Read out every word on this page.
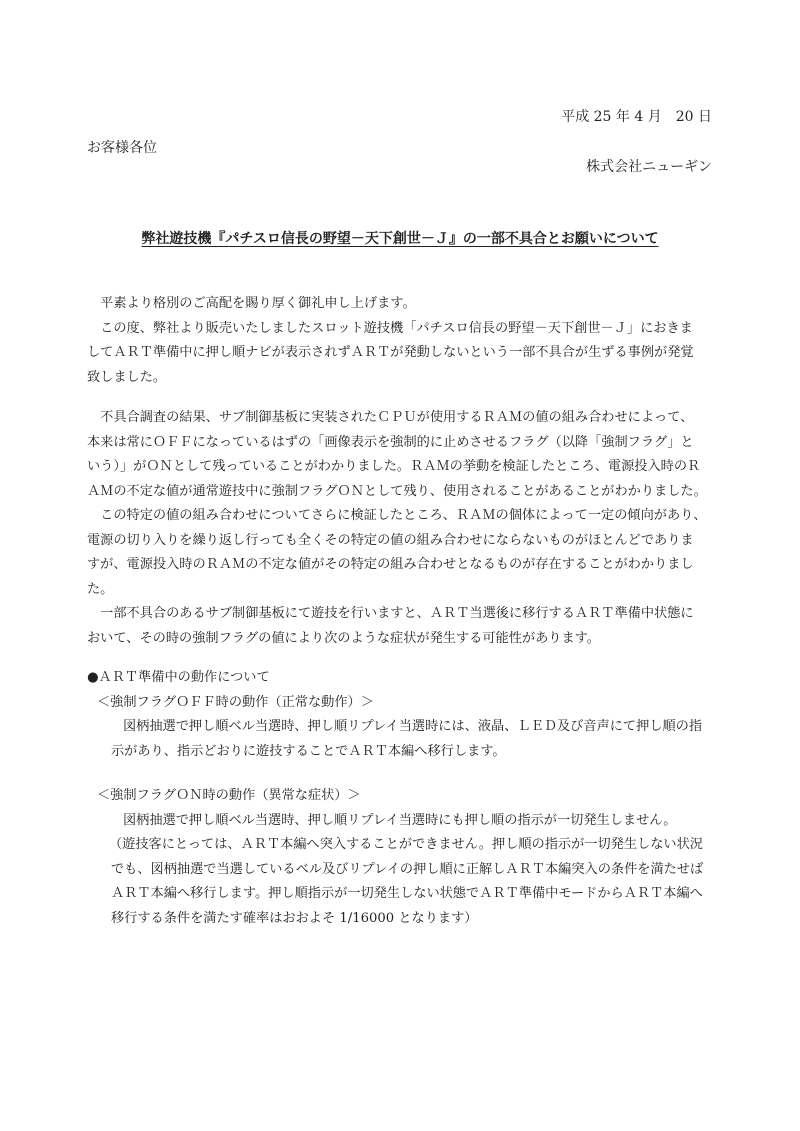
平成 25 年 4 月　20 日
お客様各位
株式会社ニューギン
弊社遊技機『パチスロ信長の野望－天下創世－Ｊ』の一部不具合とお願いについて

　平素より格別のご高配を賜り厚く御礼申し上げます。

　この度、弊社より販売いたしましたスロット遊技機「パチスロ信長の野望－天下創世－Ｊ」におきま

してＡＲＴ準備中に押し順ナビが表示されずＡＲＴが発動しないという一部不具合が生ずる事例が発覚

致しました。

　不具合調査の結果、サブ制御基板に実装されたＣＰＵが使用するＲＡＭの値の組み合わせによって、

本来は常にＯＦＦになっているはずの「画像表示を強制的に止めさせるフラグ（以降「強制フラグ」と

いう）」がＯＮとして残っていることがわかりました。ＲＡＭの挙動を検証したところ、電源投入時のＲ

ＡＭの不定な値が通常遊技中に強制フラグＯＮとして残り、使用されることがあることがわかりました。

　この特定の値の組み合わせについてさらに検証したところ、ＲＡＭの個体によって一定の傾向があり、

電源の切り入りを繰り返し行っても全くその特定の値の組み合わせにならないものがほとんどでありま

すが、電源投入時のＲＡＭの不定な値がその特定の組み合わせとなるものが存在することがわかりまし

た。

　一部不具合のあるサブ制御基板にて遊技を行いますと、ＡＲＴ当選後に移行するＡＲＴ準備中状態に

おいて、その時の強制フラグの値により次のような症状が発生する可能性があります。

●ＡＲＴ準備中の動作について

＜強制フラグＯＦＦ時の動作（正常な動作）＞

図柄抽選で押し順ベル当選時、押し順リプレイ当選時には、液晶、ＬＥＤ及び音声にて押し順の指

示があり、指示どおりに遊技することでＡＲＴ本編へ移行します。

＜強制フラグＯＮ時の動作（異常な症状）＞

図柄抽選で押し順ベル当選時、押し順リプレイ当選時にも押し順の指示が一切発生しません。

（遊技客にとっては、ＡＲＴ本編へ突入することができません。押し順の指示が一切発生しない状況

でも、図柄抽選で当選しているベル及びリプレイの押し順に正解しＡＲＴ本編突入の条件を満たせば

ＡＲＴ本編へ移行します。押し順指示が一切発生しない状態でＡＲＴ準備中モードからＡＲＴ本編へ

移行する条件を満たす確率はおおよそ 1/16000 となります）
